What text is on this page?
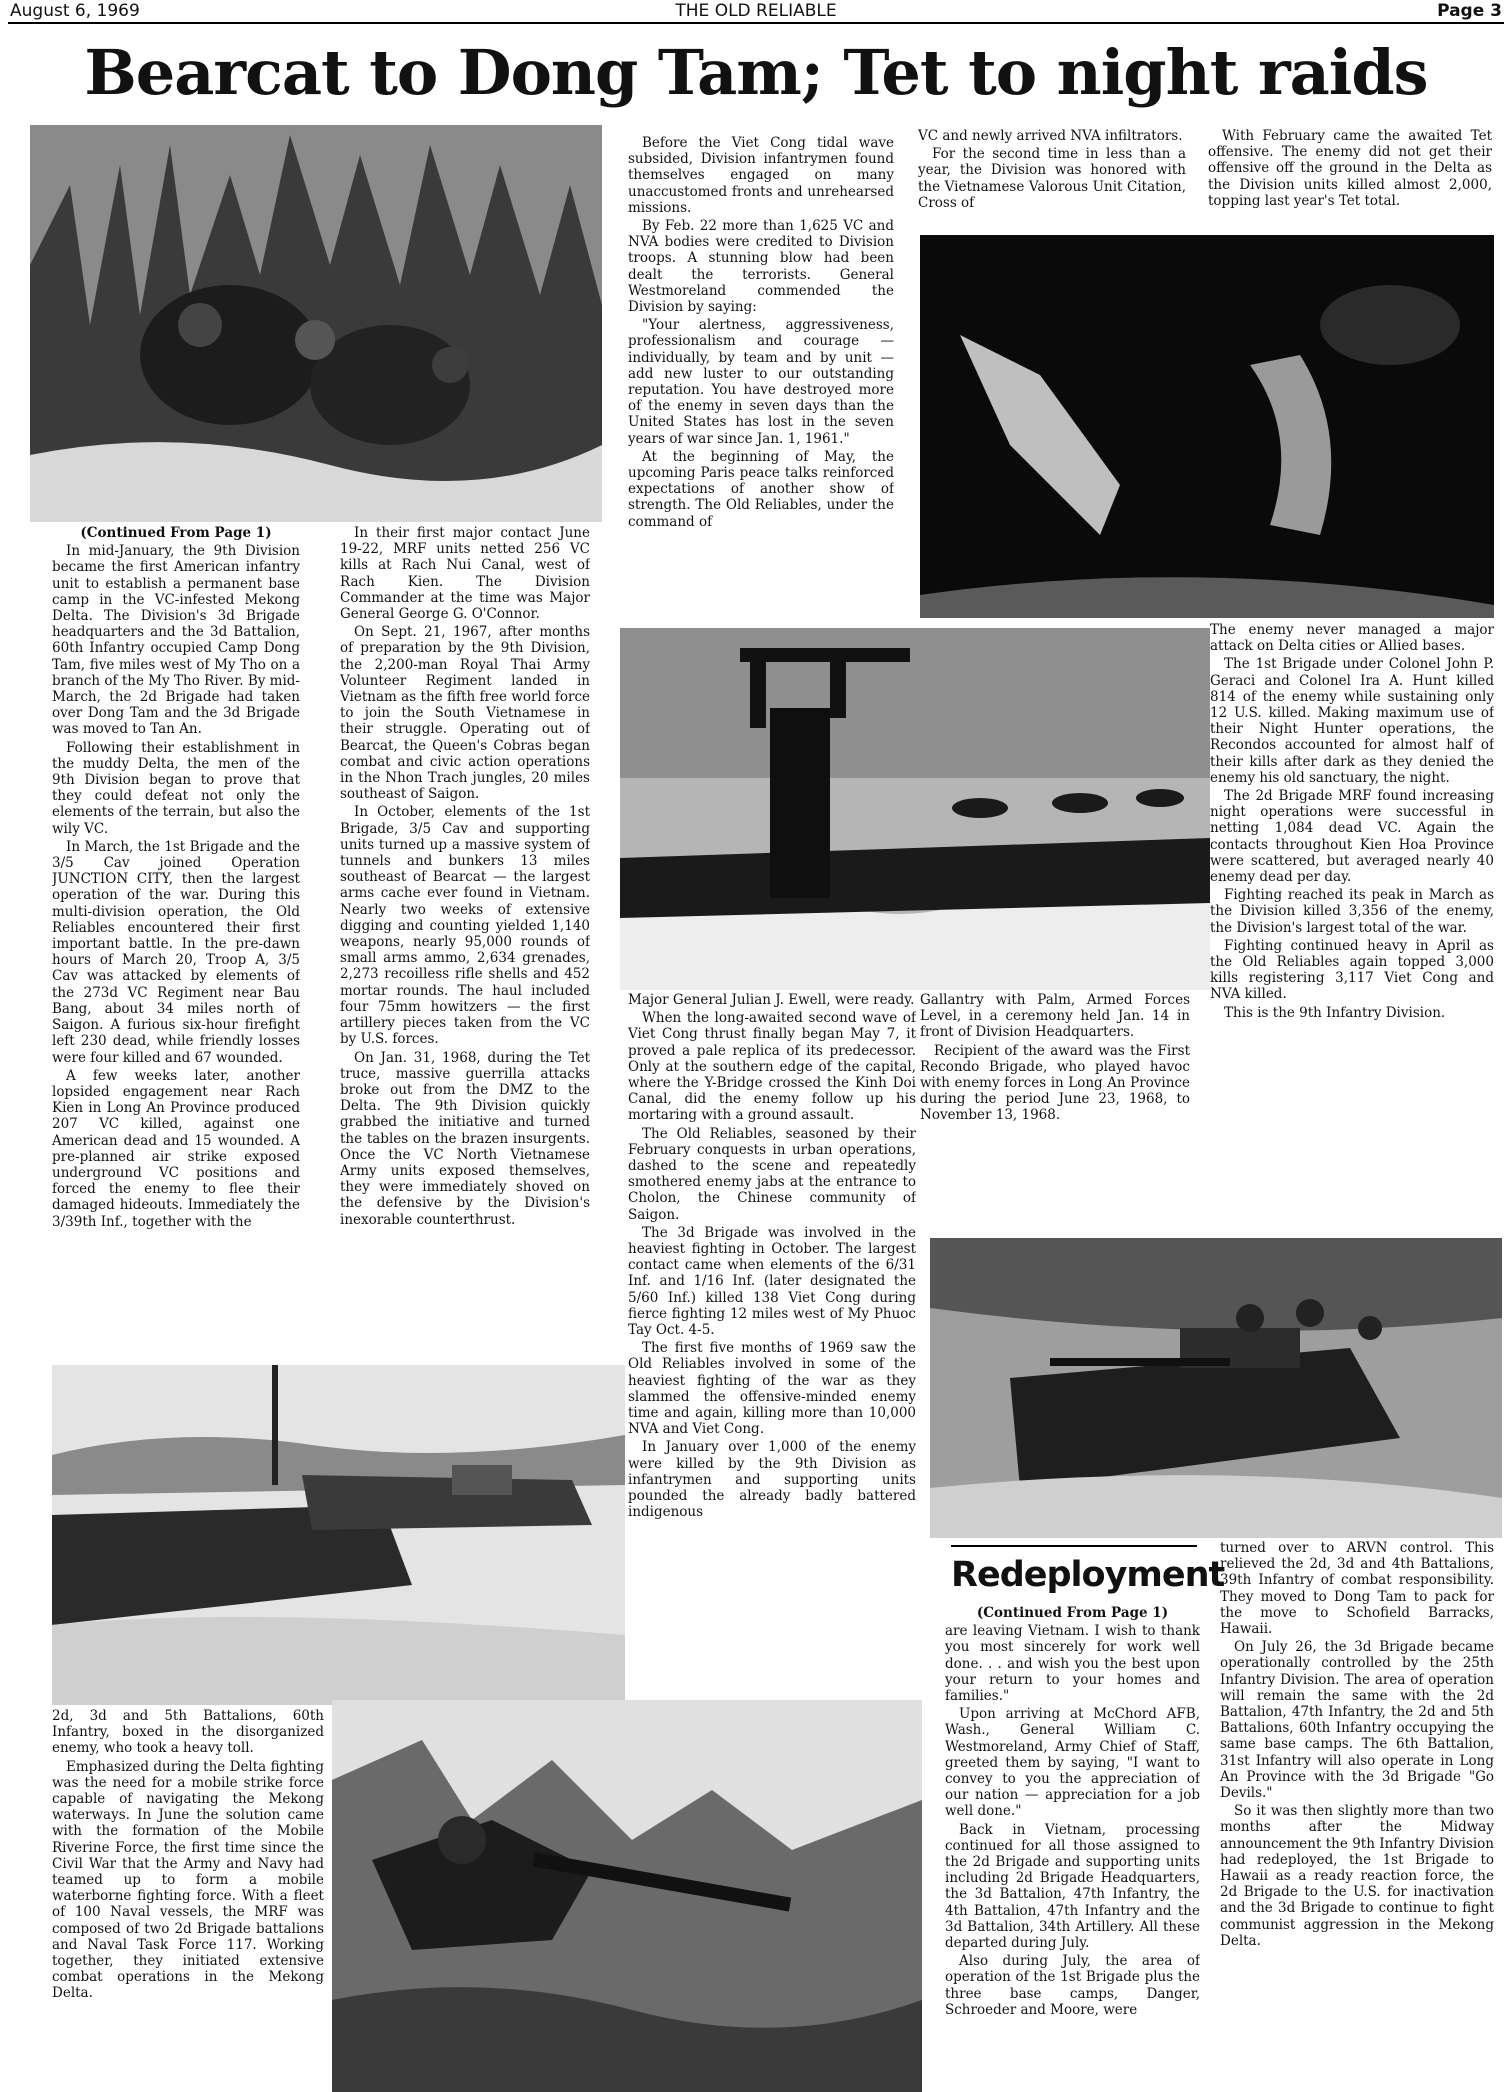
August 6, 1969	THE OLD RELIABLE	Page 3
Bearcat to Dong Tam; Tet to night raids

(Continued From Page 1)

In mid-January, the 9th Division became the first American infantry unit to establish a permanent base camp in the VC-infested Mekong Delta. The Division's 3d Brigade headquarters and the 3d Battalion, 60th Infantry occupied Camp Dong Tam, five miles west of My Tho on a branch of the My Tho River. By mid-March, the 2d Brigade had taken over Dong Tam and the 3d Brigade was moved to Tan An.

Following their establishment in the muddy Delta, the men of the 9th Division began to prove that they could defeat not only the elements of the terrain, but also the wily VC.

In March, the 1st Brigade and the 3/5 Cav joined Operation JUNCTION CITY, then the largest operation of the war. During this multi-division operation, the Old Reliables encountered their first important battle. In the pre-dawn hours of March 20, Troop A, 3/5 Cav was attacked by elements of the 273d VC Regiment near Bau Bang, about 34 miles north of Saigon. A furious six-hour firefight left 230 dead, while friendly losses were four killed and 67 wounded.

A few weeks later, another lopsided engagement near Rach Kien in Long An Province produced 207 VC killed, against one American dead and 15 wounded. A pre-planned air strike exposed underground VC positions and forced the enemy to flee their damaged hideouts. Immediately the 3/39th Inf., together with the

In their first major contact June 19-22, MRF units netted 256 VC kills at Rach Nui Canal, west of Rach Kien. The Division Commander at the time was Major General George G. O'Connor.

On Sept. 21, 1967, after months of preparation by the 9th Division, the 2,200-man Royal Thai Army Volunteer Regiment landed in Vietnam as the fifth free world force to join the South Vietnamese in their struggle. Operating out of Bearcat, the Queen's Cobras began combat and civic action operations in the Nhon Trach jungles, 20 miles southeast of Saigon.

In October, elements of the 1st Brigade, 3/5 Cav and supporting units turned up a massive system of tunnels and bunkers 13 miles southeast of Bearcat — the largest arms cache ever found in Vietnam. Nearly two weeks of extensive digging and counting yielded 1,140 weapons, nearly 95,000 rounds of small arms ammo, 2,634 grenades, 2,273 recoilless rifle shells and 452 mortar rounds. The haul included four 75mm howitzers — the first artillery pieces taken from the VC by U.S. forces.

On Jan. 31, 1968, during the Tet truce, massive guerrilla attacks broke out from the DMZ to the Delta. The 9th Division quickly grabbed the initiative and turned the tables on the brazen insurgents. Once the VC North Vietnamese Army units exposed themselves, they were immediately shoved on the defensive by the Division's inexorable counterthrust.

Before the Viet Cong tidal wave subsided, Division infantrymen found themselves engaged on many unaccustomed fronts and unrehearsed missions.

By Feb. 22 more than 1,625 VC and NVA bodies were credited to Division troops. A stunning blow had been dealt the terrorists. General Westmoreland commended the Division by saying:

"Your alertness, aggressiveness, professionalism and courage — individually, by team and by unit — add new luster to our outstanding reputation. You have destroyed more of the enemy in seven days than the United States has lost in the seven years of war since Jan. 1, 1961."

At the beginning of May, the upcoming Paris peace talks reinforced expectations of another show of strength. The Old Reliables, under the command of

VC and newly arrived NVA infiltrators.

For the second time in less than a year, the Division was honored with the Vietnamese Valorous Unit Citation, Cross of

With February came the awaited Tet offensive. The enemy did not get their offensive off the ground in the Delta as the Division units killed almost 2,000, topping last year's Tet total.

Major General Julian J. Ewell, were ready.

When the long-awaited second wave of Viet Cong thrust finally began May 7, it proved a pale replica of its predecessor. Only at the southern edge of the capital, where the Y-Bridge crossed the Kinh Doi Canal, did the enemy follow up his mortaring with a ground assault.

The Old Reliables, seasoned by their February conquests in urban operations, dashed to the scene and repeatedly smothered enemy jabs at the entrance to Cholon, the Chinese community of Saigon.

The 3d Brigade was involved in the heaviest fighting in October. The largest contact came when elements of the 6/31 Inf. and 1/16 Inf. (later designated the 5/60 Inf.) killed 138 Viet Cong during fierce fighting 12 miles west of My Phuoc Tay Oct. 4-5.

The first five months of 1969 saw the Old Reliables involved in some of the heaviest fighting of the war as they slammed the offensive-minded enemy time and again, killing more than 10,000 NVA and Viet Cong.

In January over 1,000 of the enemy were killed by the 9th Division as infantrymen and supporting units pounded the already badly battered indigenous

Gallantry with Palm, Armed Forces Level, in a ceremony held Jan. 14 in front of Division Headquarters.

Recipient of the award was the First Recondo Brigade, who played havoc with enemy forces in Long An Province during the period June 23, 1968, to November 13, 1968.

The enemy never managed a major attack on Delta cities or Allied bases.

The 1st Brigade under Colonel John P. Geraci and Colonel Ira A. Hunt killed 814 of the enemy while sustaining only 12 U.S. killed. Making maximum use of their Night Hunter operations, the Recondos accounted for almost half of their kills after dark as they denied the enemy his old sanctuary, the night.

The 2d Brigade MRF found increasing night operations were successful in netting 1,084 dead VC. Again the contacts throughout Kien Hoa Province were scattered, but averaged nearly 40 enemy dead per day.

Fighting reached its peak in March as the Division killed 3,356 of the enemy, the Division's largest total of the war.

Fighting continued heavy in April as the Old Reliables again topped 3,000 kills registering 3,117 Viet Cong and NVA killed.

This is the 9th Infantry Division.

2d, 3d and 5th Battalions, 60th Infantry, boxed in the disorganized enemy, who took a heavy toll.

Emphasized during the Delta fighting was the need for a mobile strike force capable of navigating the Mekong waterways. In June the solution came with the formation of the Mobile Riverine Force, the first time since the Civil War that the Army and Navy had teamed up to form a mobile waterborne fighting force. With a fleet of 100 Naval vessels, the MRF was composed of two 2d Brigade battalions and Naval Task Force 117. Working together, they initiated extensive combat operations in the Mekong Delta.

Redeployment

(Continued From Page 1)

are leaving Vietnam. I wish to thank you most sincerely for work well done. . . and wish you the best upon your return to your homes and families."

Upon arriving at McChord AFB, Wash., General William C. Westmoreland, Army Chief of Staff, greeted them by saying, "I want to convey to you the appreciation of our nation — appreciation for a job well done."

Back in Vietnam, processing continued for all those assigned to the 2d Brigade and supporting units including 2d Brigade Headquarters, the 3d Battalion, 47th Infantry, the 4th Battalion, 47th Infantry and the 3d Battalion, 34th Artillery. All these departed during July.

Also during July, the area of operation of the 1st Brigade plus the three base camps, Danger, Schroeder and Moore, were

turned over to ARVN control. This relieved the 2d, 3d and 4th Battalions, 39th Infantry of combat responsibility. They moved to Dong Tam to pack for the move to Schofield Barracks, Hawaii.

On July 26, the 3d Brigade became operationally controlled by the 25th Infantry Division. The area of operation will remain the same with the 2d Battalion, 47th Infantry, the 2d and 5th Battalions, 60th Infantry occupying the same base camps. The 6th Battalion, 31st Infantry will also operate in Long An Province with the 3d Brigade "Go Devils."

So it was then slightly more than two months after the Midway announcement the 9th Infantry Division had redeployed, the 1st Brigade to Hawaii as a ready reaction force, the 2d Brigade to the U.S. for inactivation and the 3d Brigade to continue to fight communist aggression in the Mekong Delta.
